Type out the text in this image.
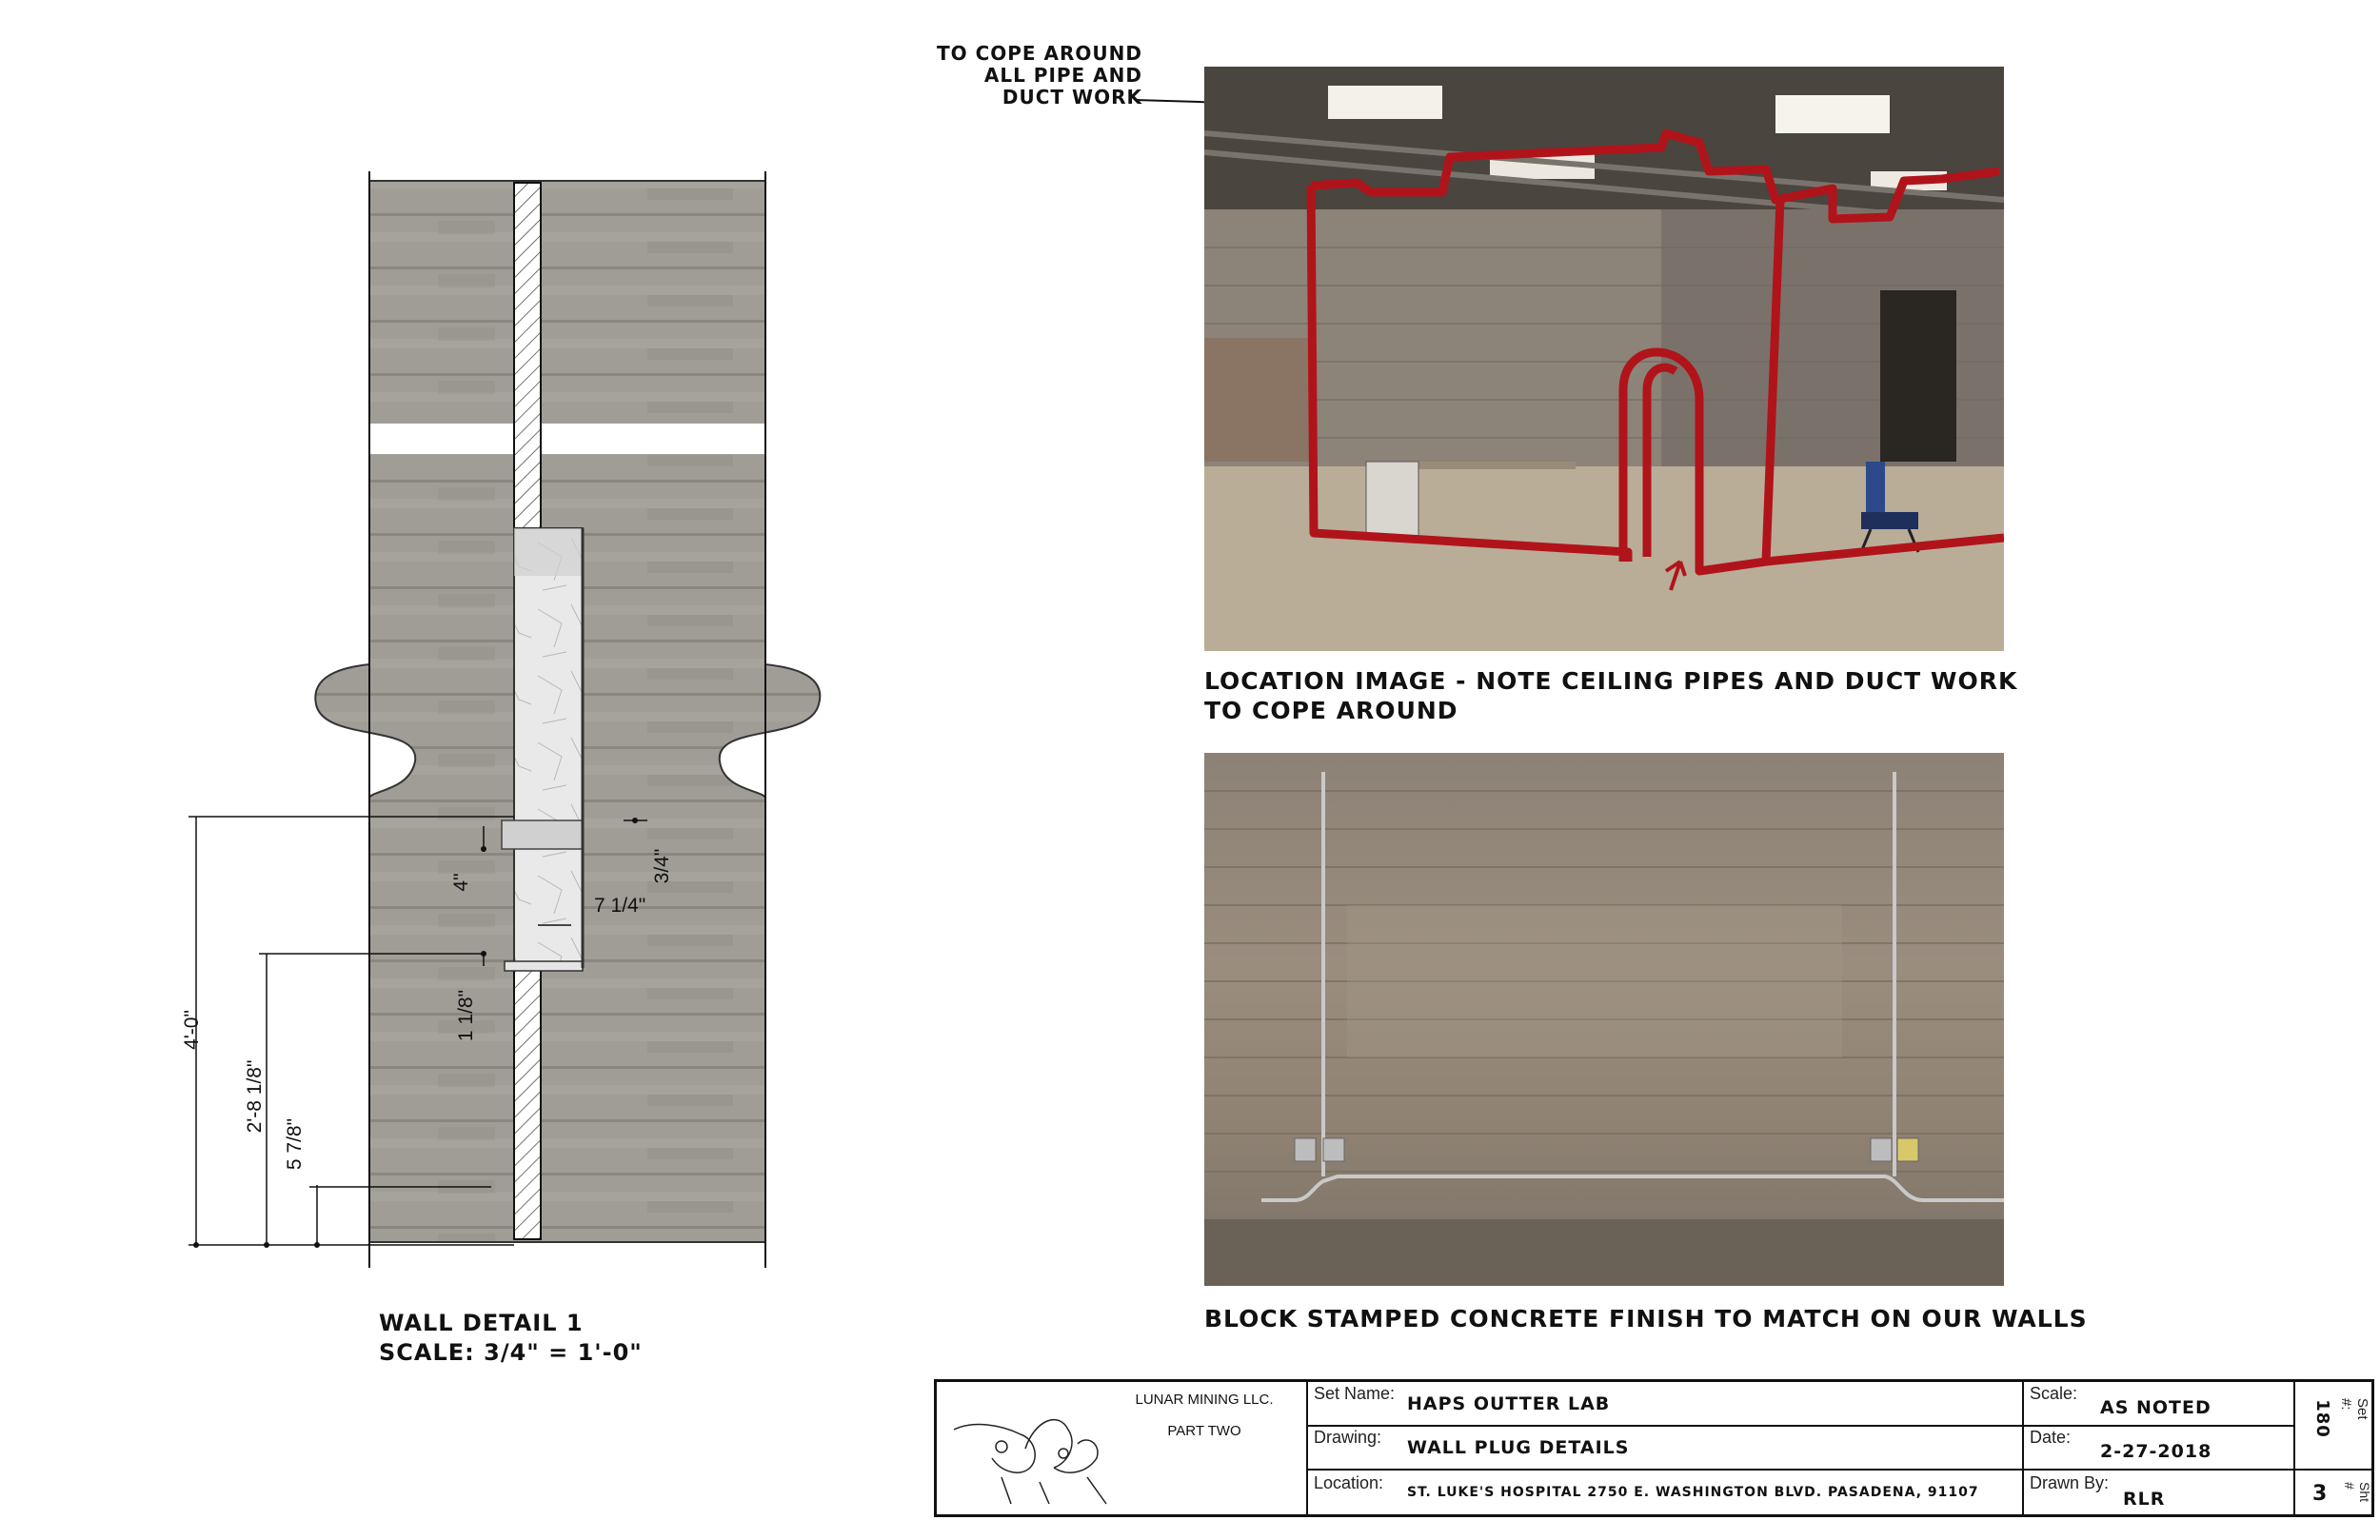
4'-0"
2'-8 1/8"
5 7/8"
4"	3/4"
7 1/4"
1 1/8"
WALL DETAIL 1
SCALE: 3/4" = 1'-0"
TO COPE AROUND
ALL PIPE AND
DUCT WORK
LOCATION IMAGE - NOTE CEILING PIPES AND DUCT WORK TO COPE AROUND
BLOCK STAMPED CONCRETE FINISH TO MATCH ON OUR WALLS
LUNAR MINING LLC.
PART TWO
Set Name: HAPS OUTTER LAB
Drawing: WALL PLUG DETAILS
Location: ST. LUKE'S HOSPITAL 2750 E. WASHINGTON BLVD. PASADENA, 91107
Scale:
AS NOTED
Date:
2-27-2018
Drawn By:
RLR
180	Set #:
3	Sht #
